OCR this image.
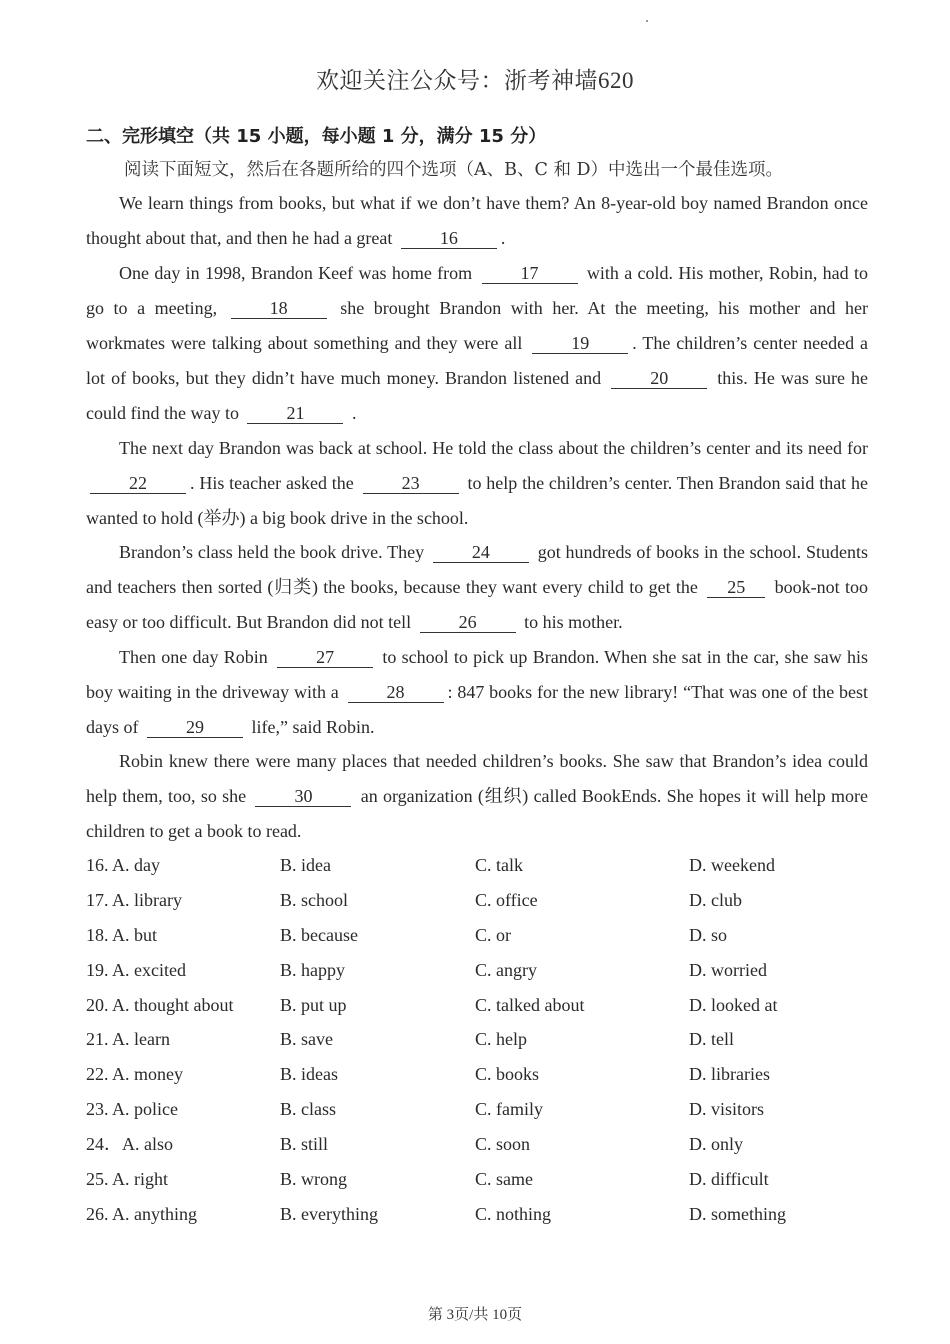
欢迎关注公众号：浙考神墙620
二、完形填空（共 15 小题，每小题 1 分，满分 15 分）
阅读下面短文，然后在各题所给的四个选项（A、B、C 和 D）中选出一个最佳选项。
We learn things from books, but what if we don’t have them? An 8-year-old boy named Brandon once thought about that, and then he had a great	16 .
One day in 1998, Brandon Keef was home from	17	with a cold. His mother, Robin, had to go to a meeting,	18	she brought Brandon with her. At the meeting, his mother and her workmates were talking about something and they were all	19 . The children’s center needed a lot of books, but they didn’t have much money. Brandon listened and	20	this. He was sure he could find the way to	21	.
The next day Brandon was back at school. He told the class about the children’s center and its need for 22 . His teacher asked the	23	to help the children’s center. Then Brandon said that he wanted to hold (举办) a big book drive in the school.
Brandon’s class held the book drive. They	24	got hundreds of books in the school. Students and teachers then sorted (归类) the books, because they want every child to get the 25 book-not too easy or too difficult. But Brandon did not tell	26	to his mother.
Then one day Robin	27	to school to pick up Brandon. When she sat in the car, she saw his boy waiting in the driveway with a	28 : 847 books for the new library! “That was one of the best days of	29	life,” said Robin.
Robin knew there were many places that needed children’s books. She saw that Brandon’s idea could help them, too, so she	30	an organization (组织) called BookEnds. She hopes it will help more children to get a book to read.
16. A. day	B. idea	C. talk	D. weekend
17. A. library	B. school	C. office	D. club
18. A. but	B. because	C. or	D. so
19. A. excited	B. happy	C. angry	D. worried
20. A. thought about	B. put up	C. talked about	D. looked at
21. A. learn	B. save	C. help	D. tell
22. A. money	B. ideas	C. books	D. libraries
23. A. police	B. class	C. family	D. visitors
24．A. also	B. still	C. soon	D. only
25. A. right	B. wrong	C. same	D. difficult
26. A. anything	B. everything	C. nothing	D. something
第 3页/共 10页
